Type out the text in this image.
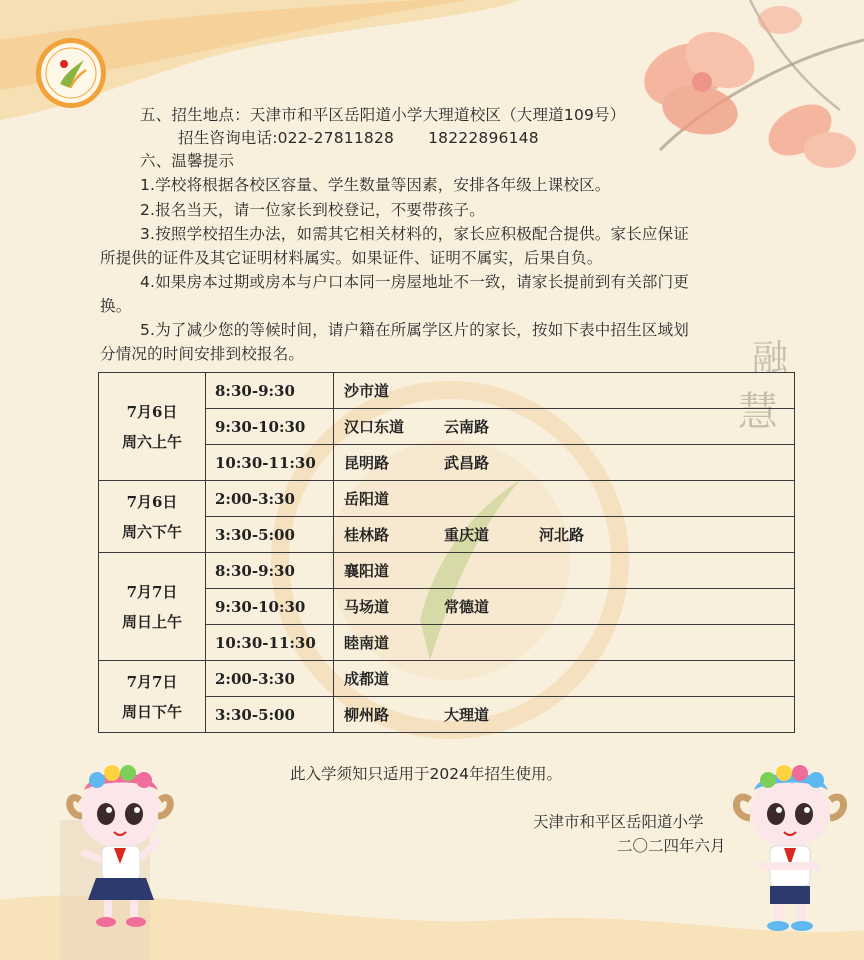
融
慧
五、招生地点：天津市和平区岳阳道小学大理道校区（大理道109号）
招生咨询电话:022-27811828 18222896148
六、温馨提示
1.学校将根据各校区容量、学生数量等因素，安排各年级上课校区。
2.报名当天，请一位家长到校登记，不要带孩子。
3.按照学校招生办法，如需其它相关材料的，家长应积极配合提供。家长应保证
所提供的证件及其它证明材料属实。如果证件、证明不属实，后果自负。
4.如果房本过期或房本与户口本同一房屋地址不一致，请家长提前到有关部门更
换。
5.为了减少您的等候时间，请户籍在所属学区片的家长，按如下表中招生区域划
分情况的时间安排到校报名。
7月6日
周六上午	8:30-9:30	沙市道
	9:30-10:30	汉口东道 云南路
	10:30-11:30	昆明路 武昌路

7月6日
周六下午	2:00-3:30	岳阳道
	3:30-5:00	桂林路 重庆道 河北路

7月7日
周日上午	8:30-9:30	襄阳道
	9:30-10:30	马场道 常德道
	10:30-11:30	睦南道

7月7日
周日下午	2:00-3:30	成都道
	3:30-5:00	柳州路 大理道
此入学须知只适用于2024年招生使用。
天津市和平区岳阳道小学
二〇二四年六月
